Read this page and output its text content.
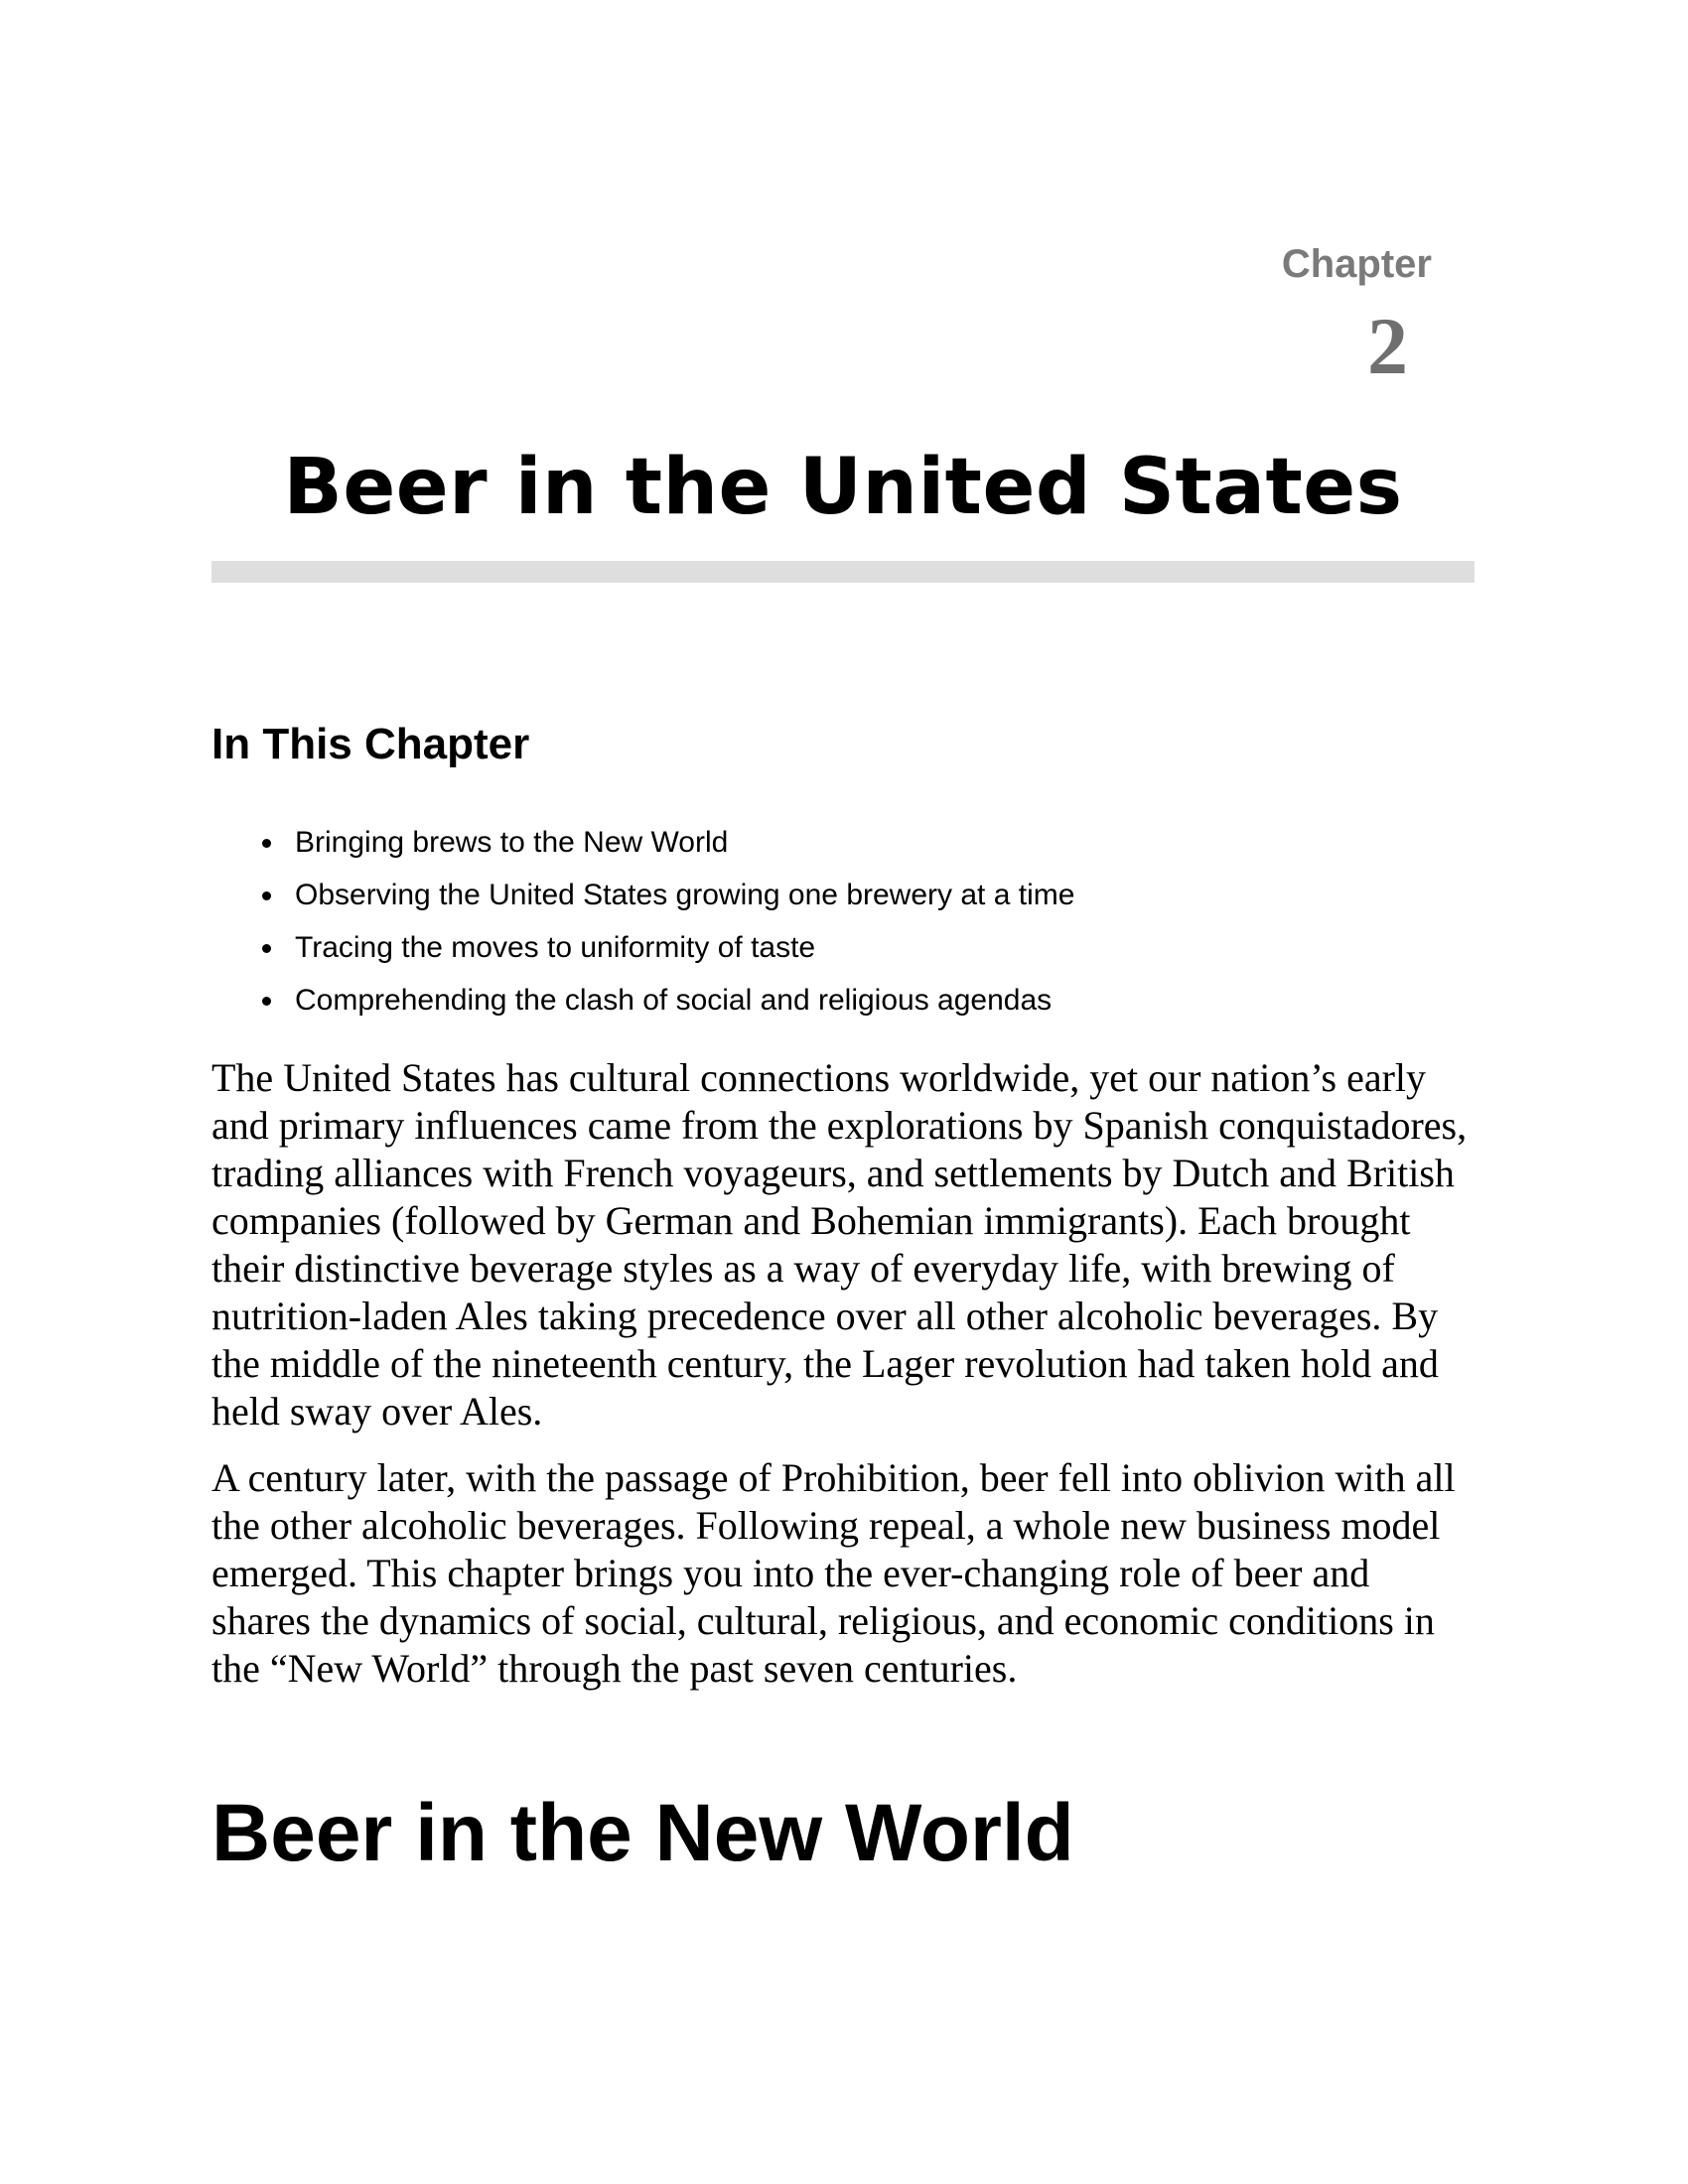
Chapter

2

Beer in the United States
In This Chapter
Bringing brews to the New World
Observing the United States growing one brewery at a time
Tracing the moves to uniformity of taste
Comprehending the clash of social and religious agendas

The United States has cultural connections worldwide, yet our nation’s early and primary influences came from the explorations by Spanish conquistadores, trading alliances with French voyageurs, and settlements by Dutch and British companies (followed by German and Bohemian immigrants). Each brought their distinctive beverage styles as a way of everyday life, with brewing of nutrition-laden Ales taking precedence over all other alcoholic beverages. By the middle of the nineteenth century, the Lager revolution had taken hold and held sway over Ales.

A century later, with the passage of Prohibition, beer fell into oblivion with all the other alcoholic beverages. Following repeal, a whole new business model emerged. This chapter brings you into the ever-changing role of beer and shares the dynamics of social, cultural, religious, and economic conditions in the “New World” through the past seven centuries.

Beer in the New World
